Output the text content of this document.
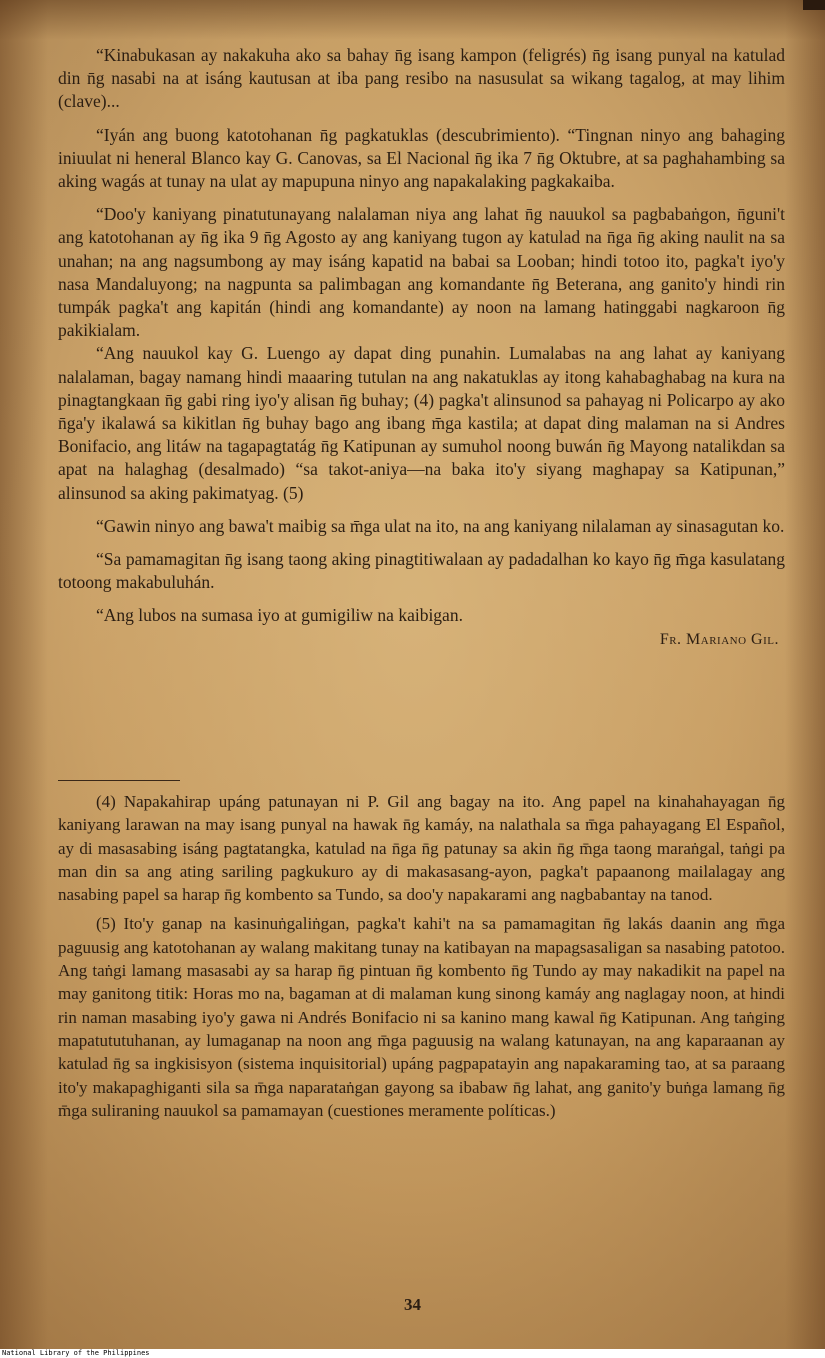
“Kinabukasan ay nakakuha ako sa bahay n̄g isang kampon (feligrés) n̄g isang punyal na katulad din n̄g nasabi na at isáng kautusan at iba pang resibo na nasusulat sa wikang tagalog, at may lihim (clave)...

“Iyán ang buong katotohanan n̄g pagkatuklas (descubrimiento). “Tingnan ninyo ang bahaging iniuulat ni heneral Blanco kay G. Canovas, sa El Nacional n̄g ika 7 n̄g Oktubre, at sa paghahambing sa aking wagás at tunay na ulat ay mapupuna ninyo ang napakalaking pagkakaiba.

“Doo'y kaniyang pinatutunayang nalalaman niya ang lahat n̄g nauukol sa pagbabaṅgon, n̄guni't ang katotohanan ay n̄g ika 9 n̄g Agosto ay ang kaniyang tugon ay katulad na n̄ga n̄g aking naulit na sa unahan; na ang nagsumbong ay may isáng kapatid na babai sa Looban; hindi totoo ito, pagka't iyo'y nasa Mandaluyong; na nagpunta sa palimbagan ang komandante n̄g Beterana, ang ganito'y hindi rin tumpák pagka't ang kapitán (hindi ang komandante) ay noon na lamang hatinggabi nagkaroon n̄g pakikialam.

“Ang nauukol kay G. Luengo ay dapat ding punahin. Lumalabas na ang lahat ay kaniyang nalalaman, bagay namang hindi maaaring tutulan na ang nakatuklas ay itong kahabaghabag na kura na pinagtangkaan n̄g gabi ring iyo'y alisan n̄g buhay; (4) pagka't alinsunod sa pahayag ni Policarpo ay ako n̄ga'y ikalawá sa kikitlan n̄g buhay bago ang ibang m̄ga kastila; at dapat ding malaman na si Andres Bonifacio, ang litáw na tagapagtatág n̄g Katipunan ay sumuhol noong buwán n̄g Mayong natalikdan sa apat na halaghag (desalmado) “sa takot-aniya—na baka ito'y siyang maghapay sa Katipunan,” alinsunod sa aking pakimatyag. (5)

“Gawin ninyo ang bawa't maibig sa m̄ga ulat na ito, na ang kaniyang nilalaman ay sinasagutan ko.

“Sa pamamagitan n̄g isang taong aking pinagtitiwalaan ay padadalhan ko kayo n̄g m̄ga kasulatang totoong makabuluhán.

“Ang lubos na sumasa iyo at gumigiliw na kaibigan.

Fr. Mariano Gil.

(4) Napakahirap upáng patunayan ni P. Gil ang bagay na ito. Ang papel na kinahahayagan n̄g kaniyang larawan na may isang punyal na hawak n̄g kamáy, na nalathala sa m̄ga pahayagang El Español, ay di masasabing isáng pagtatangka, katulad na n̄ga n̄g patunay sa akin n̄g m̄ga taong maraṅgal, taṅgi pa man din sa ang ating sariling pagkukuro ay di makasasang-ayon, pagka't papaanong mailalagay ang nasabing papel sa harap n̄g kombento sa Tundo, sa doo'y napakarami ang nagbabantay na tanod.

(5) Ito'y ganap na kasinuṅgaliṅgan, pagka't kahi't na sa pamamagitan n̄g lakás daanin ang m̄ga paguusig ang katotohanan ay walang makitang tunay na katibayan na mapagsasaligan sa nasabing patotoo. Ang taṅgi lamang masasabi ay sa harap n̄g pintuan n̄g kombento n̄g Tundo ay may nakadikit na papel na may ganitong titik: Horas mo na, bagaman at di malaman kung sinong kamáy ang naglagay noon, at hindi rin naman masabing iyo'y gawa ni Andrés Bonifacio ni sa kanino mang kawal n̄g Katipunan. Ang taṅging mapatututuhanan, ay lumaganap na noon ang m̄ga paguusig na walang katunayan, na ang kaparaanan ay katulad n̄g sa ingkisisyon (sistema inquisitorial) upáng pagpapatayin ang napakaraming tao, at sa paraang ito'y makapaghiganti sila sa m̄ga naparataṅgan gayong sa ibabaw n̄g lahat, ang ganito'y buṅga lamang n̄g m̄ga suliraning nauukol sa pamamayan (cuestiones meramente políticas.)

34
National Library of the Philippines
